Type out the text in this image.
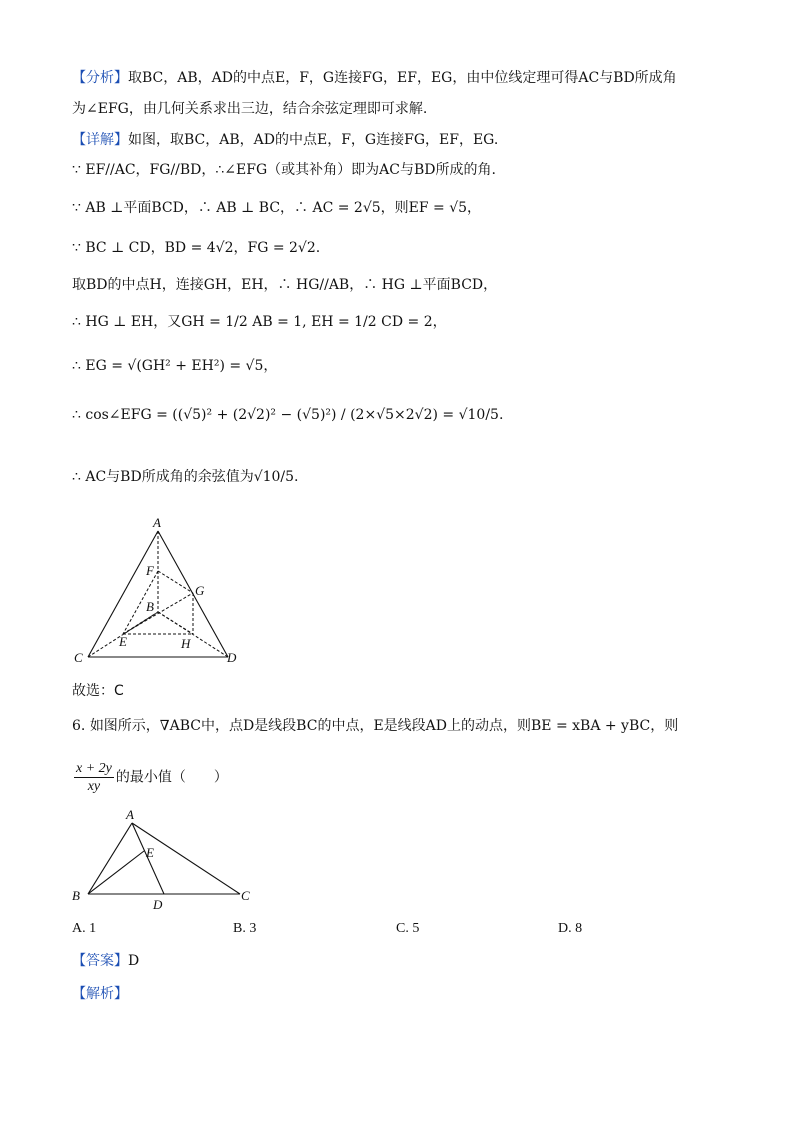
【分析】取BC，AB，AD的中点E，F，G连接FG，EF，EG，由中位线定理可得AC与BD所成角
为∠EFG，由几何关系求出三边，结合余弦定理即可求解.
【详解】如图，取BC，AB，AD的中点E，F，G连接FG，EF，EG.
∵ EF//AC，FG//BD，∴∠EFG（或其补角）即为AC与BD所成的角.
∵ AB ⊥平面BCD，∴ AB ⊥ BC，∴ AC = 2√5，则EF = √5，
∵ BC ⊥ CD，BD = 4√2，FG = 2√2.
取BD的中点H，连接GH，EH，∴ HG//AB，∴ HG ⊥平面BCD，
∴ HG ⊥ EH，又GH = 1/2 AB = 1, EH = 1/2 CD = 2，
∴ EG = √(GH² + EH²) = √5，
∴ cos∠EFG = ((√5)² + (2√2)² − (√5)²) / (2×√5×2√2) = √10/5.
∴ AC与BD所成角的余弦值为√10/5.
A
F
G
B
E	H
C	D
故选：C
6. 如图所示，∇ABC中，点D是线段BC的中点，E是线段AD上的动点，则BE = xBA + yBC，则
$\frac{x + 2y}{xy}$ 的最小值（　　）
A
E
B
D
C
A. 1	B. 3	C. 5	D. 8
【答案】D
【解析】
